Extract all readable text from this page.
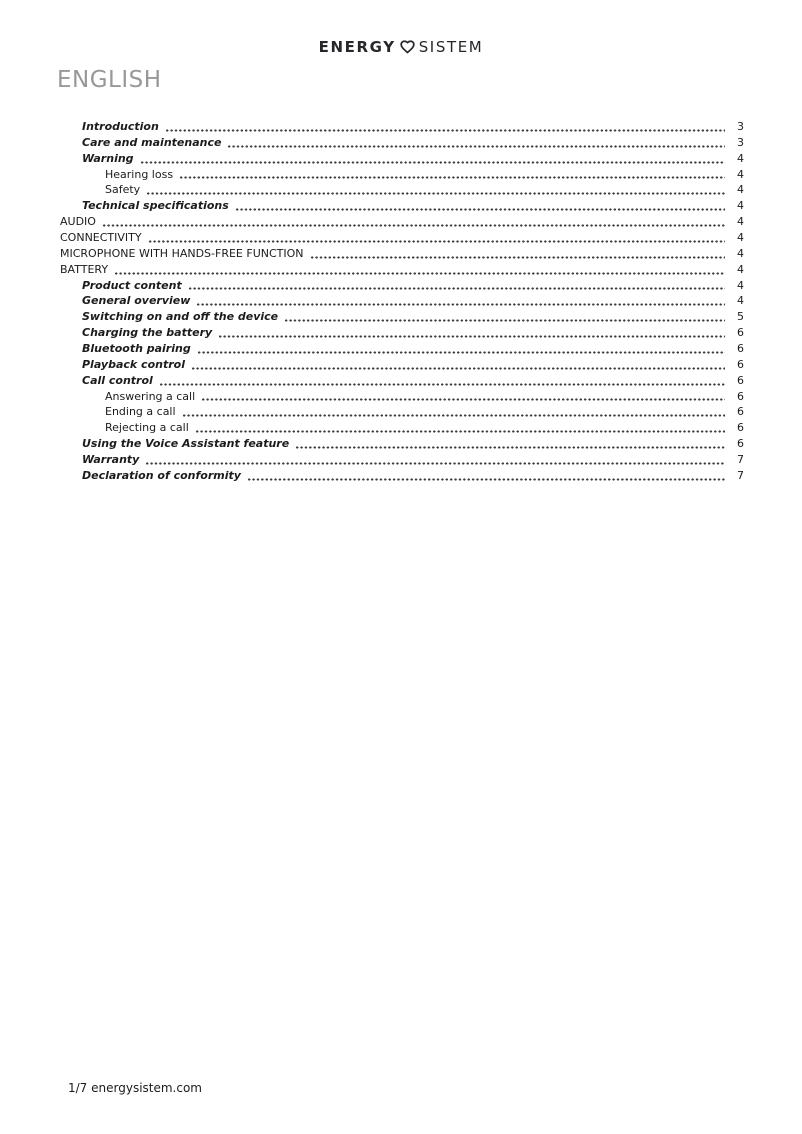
ENERGY SISTEM
ENGLISH
Introduction	3
Care and maintenance	3
Warning	4
Hearing loss	4
Safety	4
Technical specifications	4
AUDIO	4
CONNECTIVITY	4
MICROPHONE WITH HANDS-FREE FUNCTION	4
BATTERY	4
Product content	4
General overview	4
Switching on and off the device	5
Charging the battery	6
Bluetooth pairing	6
Playback control	6
Call control	6
Answering a call	6
Ending a call	6
Rejecting a call	6
Using the Voice Assistant feature	6
Warranty	7
Declaration of conformity	7
1/7 energysistem.com
